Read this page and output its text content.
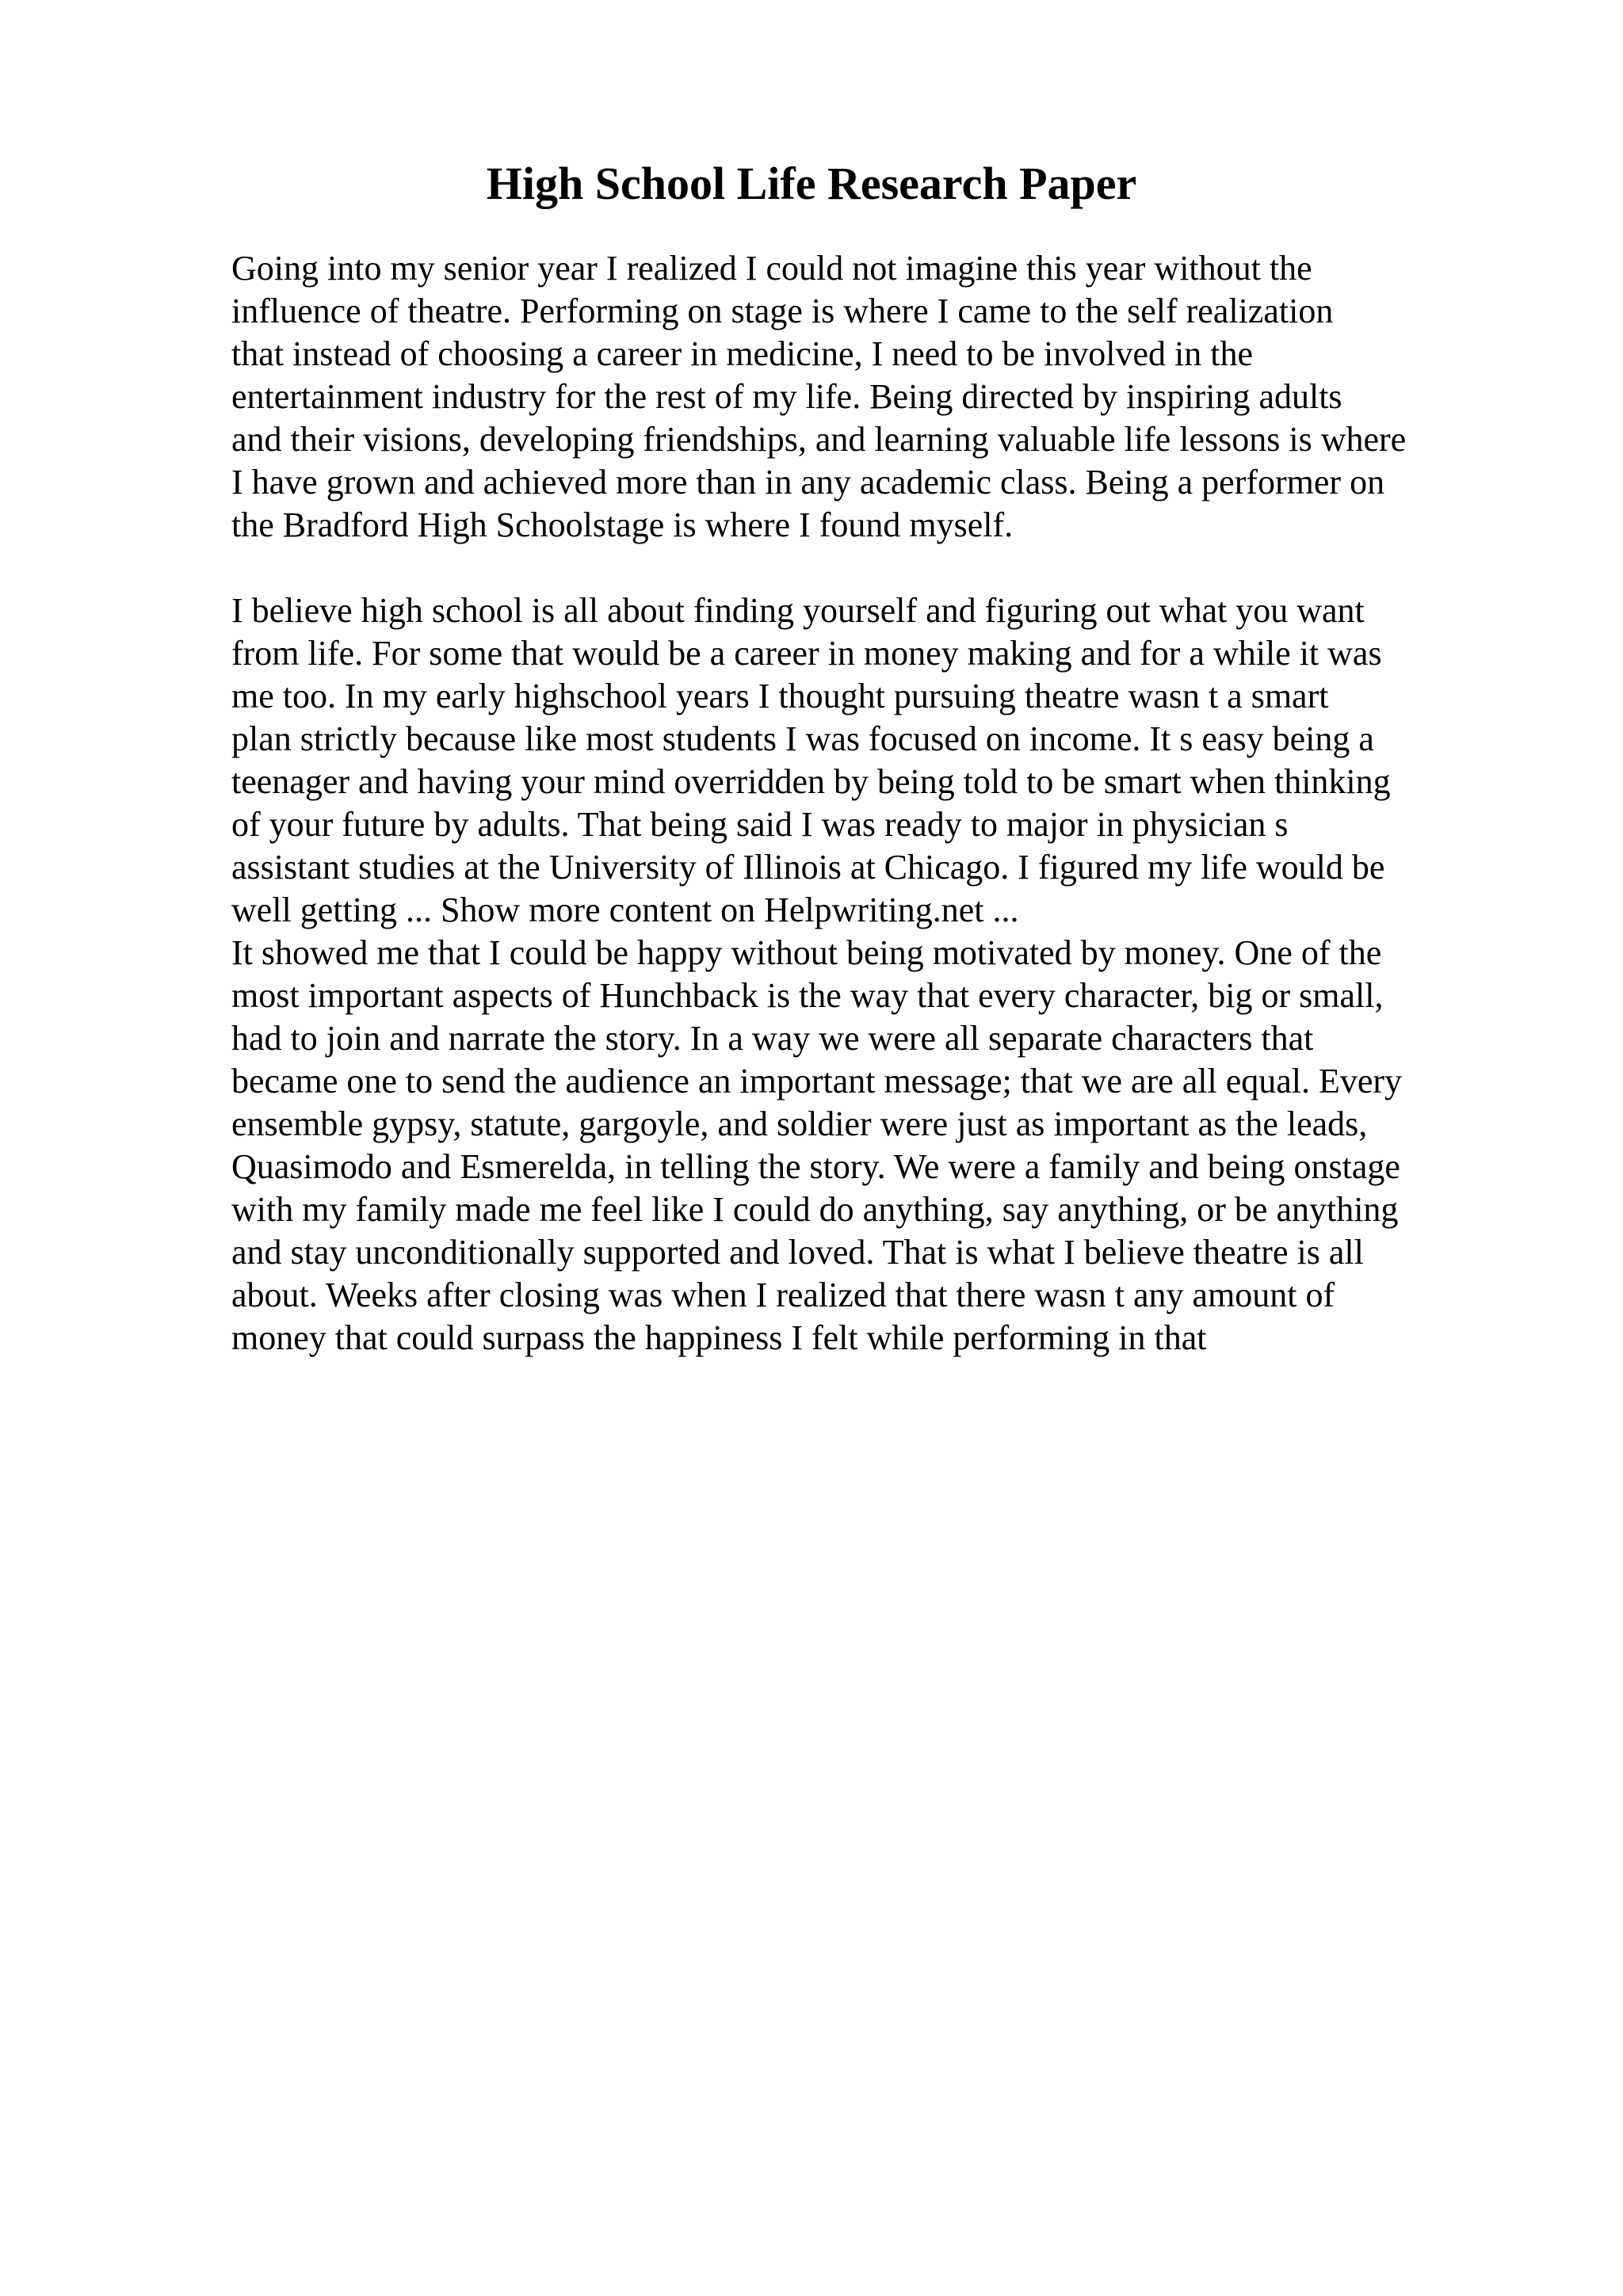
High School Life Research Paper

Going into my senior year I realized I could not imagine this year without the
influence of theatre. Performing on stage is where I came to the self realization
that instead of choosing a career in medicine, I need to be involved in the
entertainment industry for the rest of my life. Being directed by inspiring adults
and their visions, developing friendships, and learning valuable life lessons is where
I have grown and achieved more than in any academic class. Being a performer on
the Bradford High Schoolstage is where I found myself.

I believe high school is all about finding yourself and figuring out what you want
from life. For some that would be a career in money making and for a while it was
me too. In my early highschool years I thought pursuing theatre wasn t a smart
plan strictly because like most students I was focused on income. It s easy being a
teenager and having your mind overridden by being told to be smart when thinking
of your future by adults. That being said I was ready to major in physician s
assistant studies at the University of Illinois at Chicago. I figured my life would be
well getting ... Show more content on Helpwriting.net ...
It showed me that I could be happy without being motivated by money. One of the
most important aspects of Hunchback is the way that every character, big or small,
had to join and narrate the story. In a way we were all separate characters that
became one to send the audience an important message; that we are all equal. Every
ensemble gypsy, statute, gargoyle, and soldier were just as important as the leads,
Quasimodo and Esmerelda, in telling the story. We were a family and being onstage
with my family made me feel like I could do anything, say anything, or be anything
and stay unconditionally supported and loved. That is what I believe theatre is all
about. Weeks after closing was when I realized that there wasn t any amount of
money that could surpass the happiness I felt while performing in that
